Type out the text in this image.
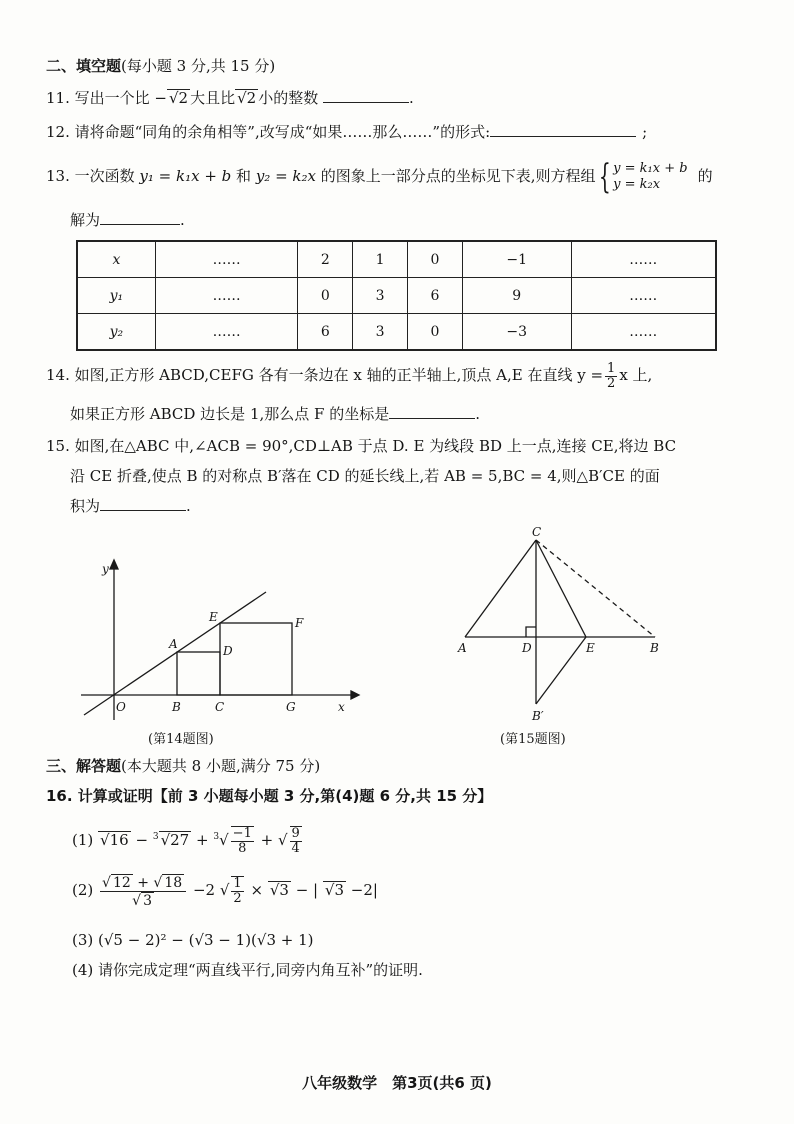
二、填空题(每小题 3 分,共 15 分)
11. 写出一个比 − √2 大且比 √2 小的整数	.
12. 请将命题“同角的余角相等”,改写成“如果……那么……”的形式:	;
13. 一次函数 y₁ = k₁x + b 和 y₂ = k₂x 的图象上一部分点的坐标见下表,则方程组{ y = k₁x + b
y = k₂x	的
解为	.
x	……	2	1	0	−1	……
y₁	……	0	3	6	9	……
y₂	……	6	3	0	−3	……
14. 如图,正方形 ABCD,CEFG 各有一条边在 x 轴的正半轴上,顶点 A,E 在直线 $y = \frac{1}{2}$ x 上,
如果正方形 ABCD 边长是 1,那么点 F 的坐标是	.
15. 如图,在△ABC 中,∠ACB = 90°,CD⊥AB 于点 D. E 为线段 BD 上一点,连接 CE,将边 BC
沿 CE 折叠,使点 B 的对称点 B′落在 CD 的延长线上,若 AB = 5,BC = 4,则△B′CE 的面
积为	.
y
x
O	B	C	G
A	D
E	F
(第14题图)
C
A	D	E	B
B′
(第15题图)
三、解答题(本大题共 8 小题,满分 75 分)
16. 计算或证明【前 3 小题每小题 3 分,第(4)题 6 分,共 15 分】
(1) √16 − $^3$ $√27 + ^3√ \frac{-1}{8}$ + √ $\frac{9}{4}$
$(2) \frac{√ 12 + √ 18}{√ 3} -2$ √ $\frac{1}{2} \times √3$ − | √3 −2|
(3) (√5 − 2)² − (√3 − 1)(√3 + 1)
(4) 请你完成定理“两直线平行,同旁内角互补”的证明.
八年级数学　第3页(共6 页)
